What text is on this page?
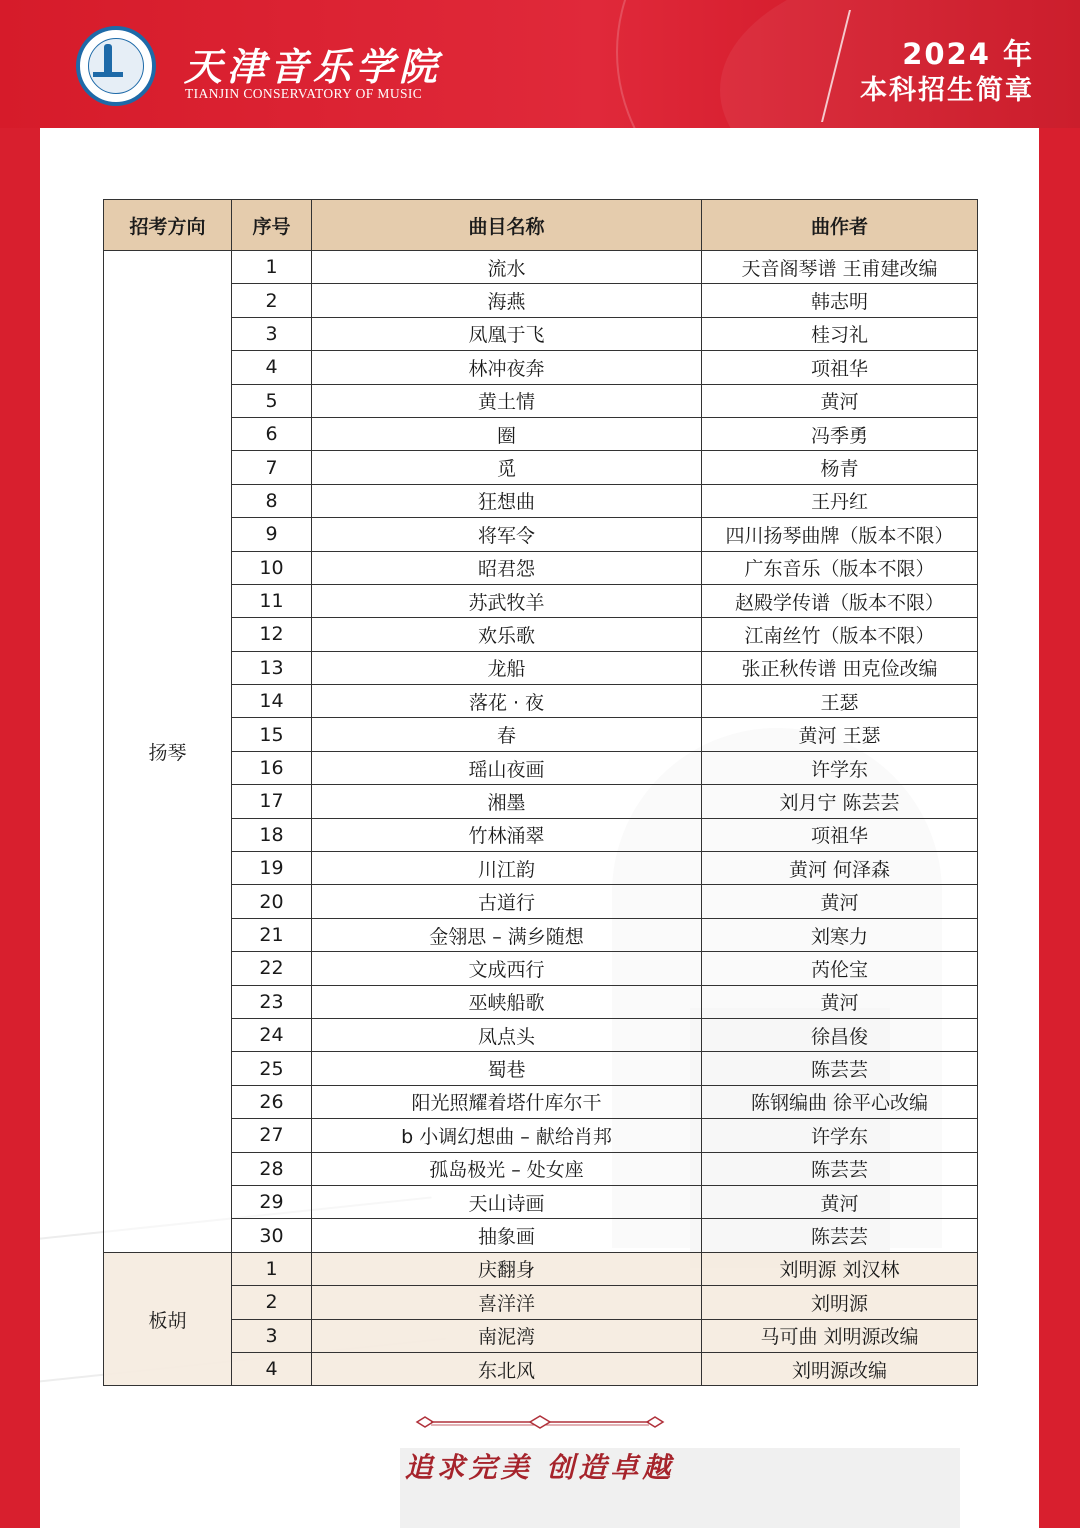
天津音乐学院
TIANJIN CONSERVATORY OF MUSIC
2024 年
本科招生简章
招考方向	序号	曲目名称	曲作者
扬琴	1	流水	天音阁琴谱 王甫建改编
	2	海燕	韩志明
	3	凤凰于飞	桂习礼
	4	林冲夜奔	项祖华
	5	黄土情	黄河
	6	圈	冯季勇
	7	觅	杨青
	8	狂想曲	王丹红
	9	将军令	四川扬琴曲牌（版本不限）
	10	昭君怨	广东音乐（版本不限）
	11	苏武牧羊	赵殿学传谱（版本不限）
	12	欢乐歌	江南丝竹（版本不限）
	13	龙船	张正秋传谱 田克俭改编
	14	落花 · 夜	王瑟
	15	春	黄河 王瑟
	16	瑶山夜画	许学东
	17	湘墨	刘月宁 陈芸芸
	18	竹林涌翠	项祖华
	19	川江韵	黄河 何泽森
	20	古道行	黄河
	21	金翎思 – 满乡随想	刘寒力
	22	文成西行	芮伦宝
	23	巫峡船歌	黄河
	24	凤点头	徐昌俊
	25	蜀巷	陈芸芸
	26	阳光照耀着塔什库尔干	陈钢编曲 徐平心改编
	27	b 小调幻想曲 – 献给肖邦	许学东
	28	孤岛极光 – 处女座	陈芸芸
	29	天山诗画	黄河
	30	抽象画	陈芸芸
板胡	1	庆翻身	刘明源 刘汉林
	2	喜洋洋	刘明源
	3	南泥湾	马可曲 刘明源改编
	4	东北风	刘明源改编
追求完美 创造卓越
